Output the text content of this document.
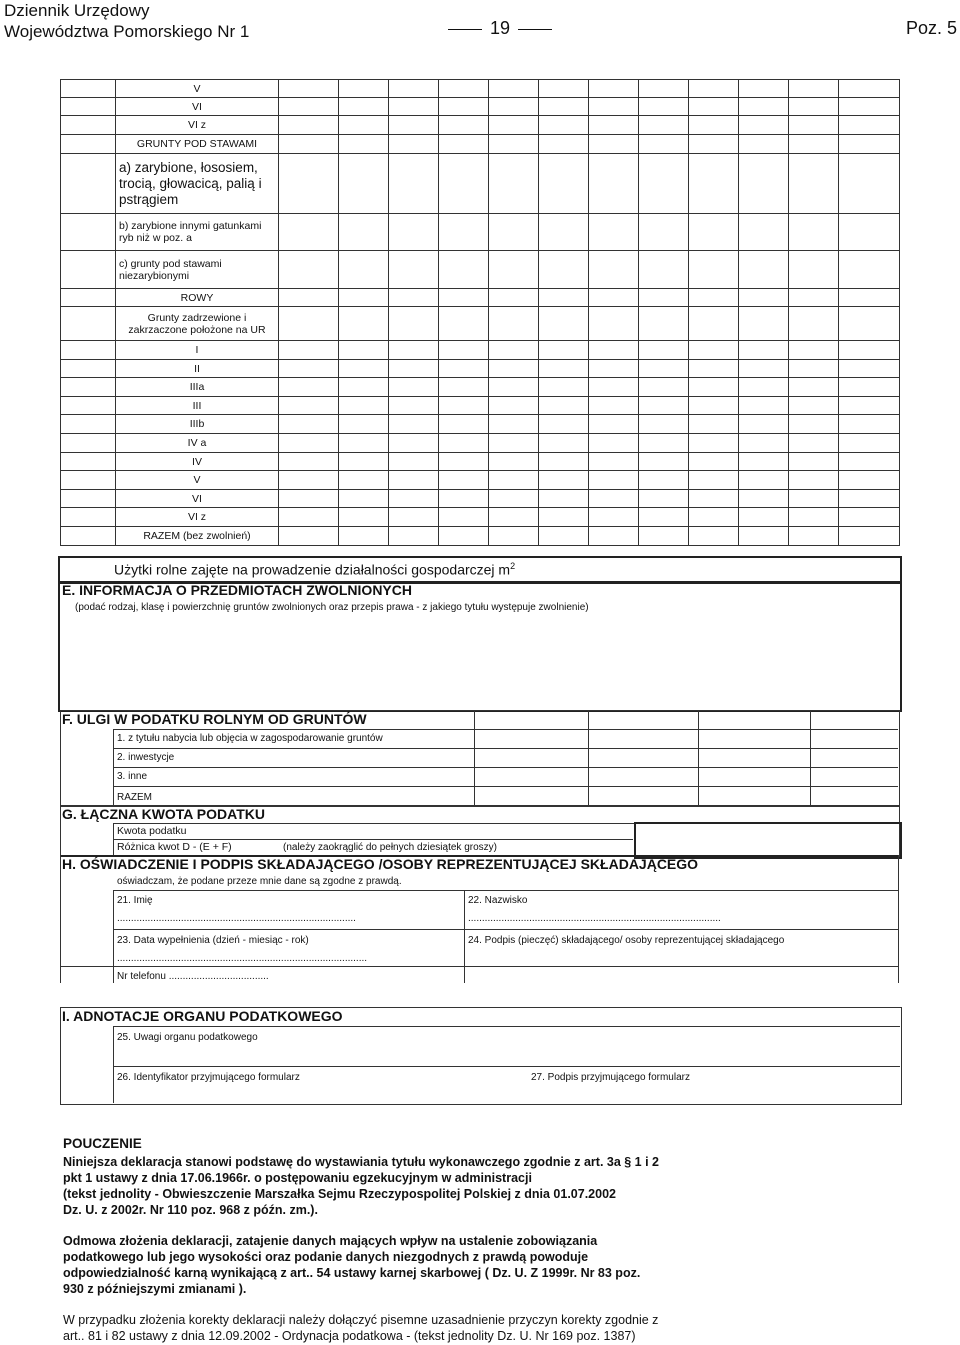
Dziennik Urzędowy
Województwa Pomorskiego Nr 1	19	Poz. 5
	V												
	VI												
	VI z												
	GRUNTY POD STAWAMI												
	a) zarybione, łososiem, trocią, głowacicą, palią i pstrągiem												
	b) zarybione innymi gatunkami ryb niż w poz. a												
	c) grunty pod stawami niezarybionymi												
	ROWY												
	Grunty zadrzewione i zakrzaczone położone na UR												
	I												
	II												
	IIIa												
	III												
	IIIb												
	IV a												
	IV												
	V												
	VI												
	VI z												
	RAZEM (bez zwolnień)												
Użytki rolne zajęte na prowadzenie działalności gospodarczej $m^2$
E. INFORMACJA O PRZEDMIOTACH ZWOLNIONYCH
(podać rodzaj, klasę i powierzchnię gruntów zwolnionych oraz przepis prawa - z jakiego tytułu występuje zwolnienie)
F. ULGI W PODATKU ROLNYM OD GRUNTÓW
1. z tytułu nabycia lub objęcia w zagospodarowanie gruntów
2. inwestycje
3. inne
RAZEM
G. ŁĄCZNA KWOTA PODATKU
Kwota podatku
Różnica kwot D - (E + F)	(należy zaokrąglić do pełnych dziesiątek groszy)
H. OŚWIADCZENIE I PODPIS SKŁADAJĄCEGO /OSOBY REPREZENTUJĄCEJ SKŁADAJĄCEGO
oświadczam, że podane przeze mnie dane są zgodne z prawdą.
21. Imię
......................................................................................
22. Nazwisko
...........................................................................................
23. Data wypełnienia (dzień - miesiąc - rok)
..........................................................................................
24. Podpis (pieczęć) składającego/ osoby reprezentującej składającego
Nr telefonu ....................................
I. ADNOTACJE ORGANU PODATKOWEGO
25. Uwagi organu podatkowego
26. Identyfikator przyjmującego formularz	27. Podpis przyjmującego formularz
POUCZENIE
Niniejsza deklaracja stanowi podstawę do wystawiania tytułu wykonawczego zgodnie z art. 3a § 1 i 2
pkt 1 ustawy z dnia 17.06.1966r. o postępowaniu egzekucyjnym w administracji
(tekst jednolity - Obwieszczenie Marszałka Sejmu Rzeczypospolitej Polskiej z dnia 01.07.2002
Dz. U. z 2002r. Nr 110 poz. 968 z późn. zm.).
Odmowa złożenia deklaracji, zatajenie danych mających wpływ na ustalenie zobowiązania
podatkowego lub jego wysokości oraz podanie danych niezgodnych z prawdą powoduje
odpowiedzialność karną wynikającą z art.. 54 ustawy karnej skarbowej ( Dz. U. Z 1999r. Nr 83 poz.
930 z późniejszymi zmianami ).
W przypadku złożenia korekty deklaracji należy dołączyć pisemne uzasadnienie przyczyn korekty zgodnie z
art.. 81 i 82 ustawy z dnia 12.09.2002 - Ordynacja podatkowa - (tekst jednolity Dz. U. Nr 169 poz. 1387)
